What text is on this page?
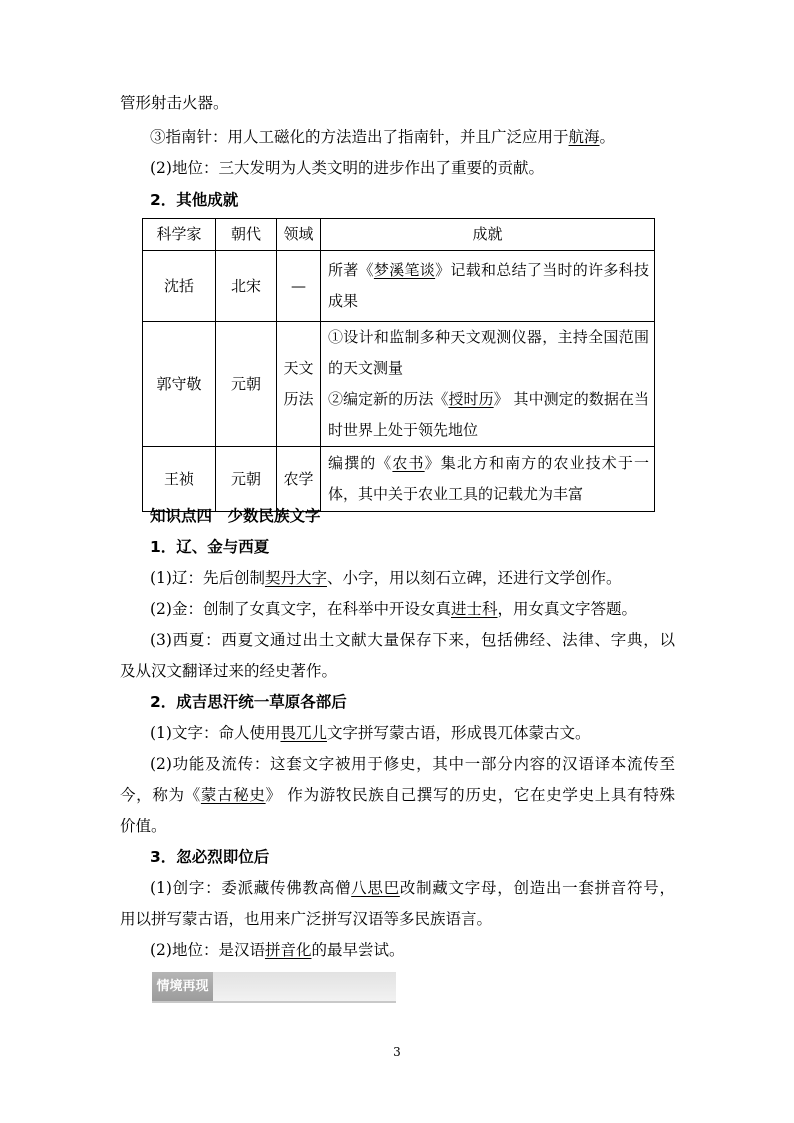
管形射击火器。
③指南针：用人工磁化的方法造出了指南针，并且广泛应用于航海。
(2)地位：三大发明为人类文明的进步作出了重要的贡献。
2．其他成就
科学家	朝代	领域	成就
沈括	北宋	—	所著《梦溪笔谈》记载和总结了当时的许多科技成果
郭守敬	元朝	天文历法	①设计和监制多种天文观测仪器，主持全国范围的天文测量
②编定新的历法《授时历》 其中测定的数据在当时世界上处于领先地位

王祯	元朝	农学	编撰的《农书》集北方和南方的农业技术于一体，其中关于农业工具的记载尤为丰富
知识点四　少数民族文字
1．辽、金与西夏
(1)辽：先后创制契丹大字、小字，用以刻石立碑，还进行文学创作。
(2)金：创制了女真文字，在科举中开设女真进士科，用女真文字答题。
(3)西夏：西夏文通过出土文献大量保存下来，包括佛经、法律、字典，以
及从汉文翻译过来的经史著作。
2．成吉思汗统一草原各部后
(1)文字：命人使用畏兀儿文字拼写蒙古语，形成畏兀体蒙古文。
(2)功能及流传：这套文字被用于修史，其中一部分内容的汉语译本流传至
今，称为《蒙古秘史》 作为游牧民族自己撰写的历史，它在史学史上具有特殊
价值。
3．忽必烈即位后
(1)创字：委派藏传佛教高僧八思巴改制藏文字母，创造出一套拼音符号，
用以拼写蒙古语，也用来广泛拼写汉语等多民族语言。
(2)地位：是汉语拼音化的最早尝试。
情境再现
3
